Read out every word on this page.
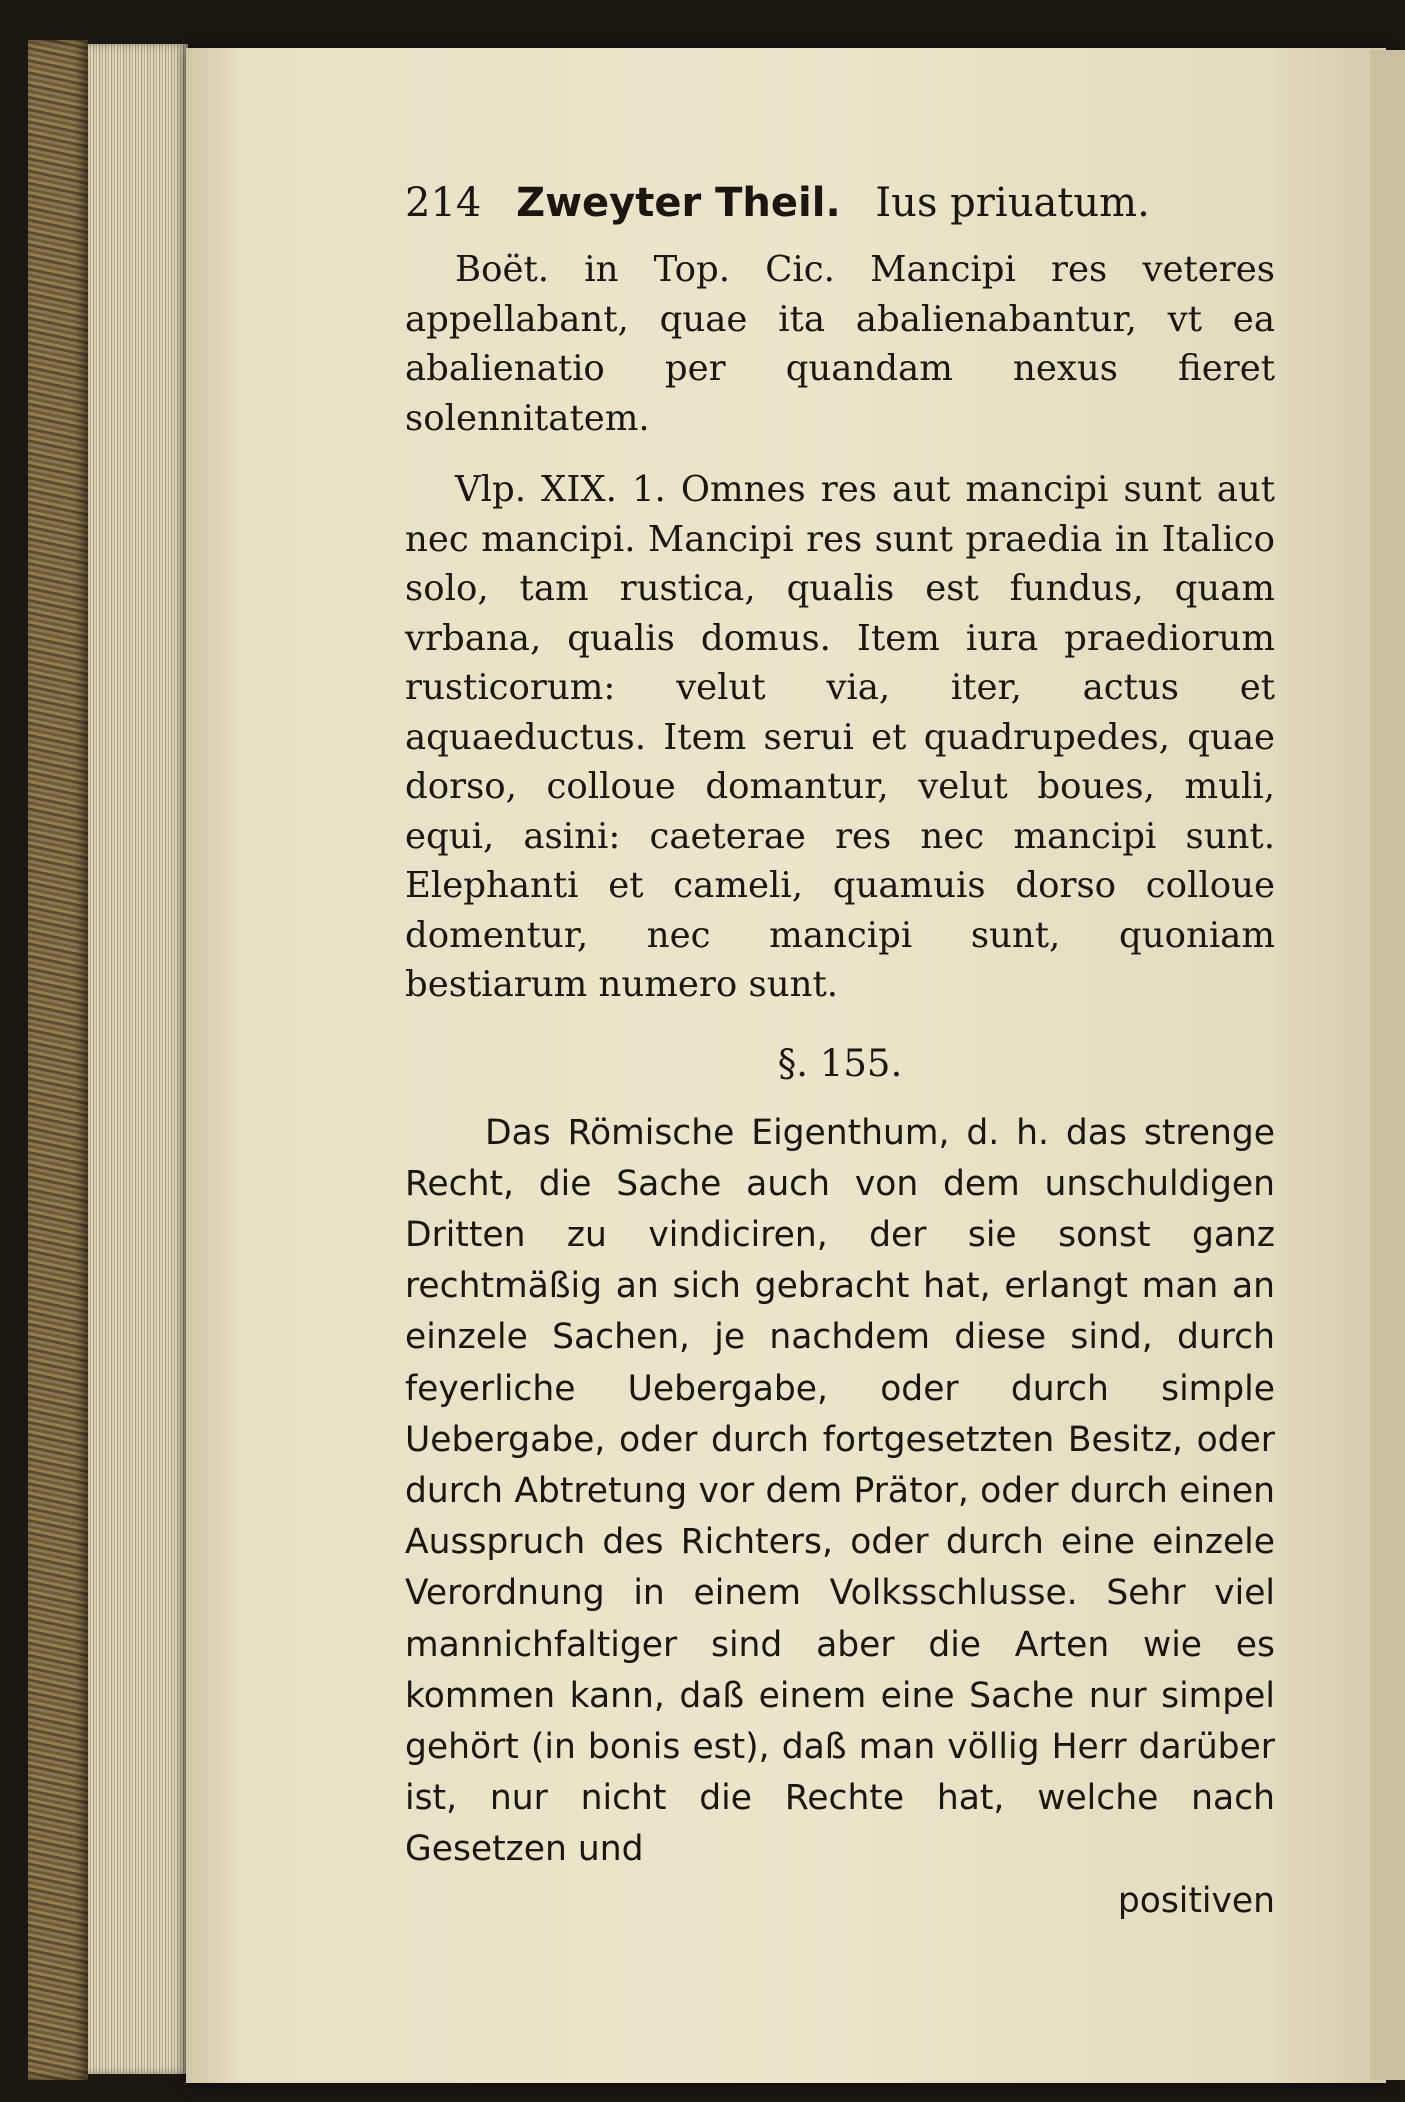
214 Zweyter Theil. Ius priuatum.

Boët. in Top. Cic. Mancipi res veteres appellabant, quae ita abalienabantur, vt ea abalienatio per quandam nexus fieret solennitatem.

Vlp. XIX. 1. Omnes res aut mancipi sunt aut nec mancipi. Mancipi res sunt praedia in Italico solo, tam rustica, qualis est fundus, quam vrbana, qualis domus. Item iura praediorum rusticorum: velut via, iter, actus et aquaeductus. Item serui et quadrupedes, quae dorso, colloue domantur, velut boues, muli, equi, asini: caeterae res nec mancipi sunt. Elephanti et cameli, quamuis dorso colloue domentur, nec mancipi sunt, quoniam bestiarum numero sunt.

§. 155.

Das Römische Eigenthum, d. h. das strenge Recht, die Sache auch von dem unschuldigen Dritten zu vindiciren, der sie sonst ganz rechtmäßig an sich gebracht hat, erlangt man an einzele Sachen, je nachdem diese sind, durch feyerliche Uebergabe, oder durch simple Uebergabe, oder durch fortgesetzten Besitz, oder durch Abtretung vor dem Prätor, oder durch einen Ausspruch des Richters, oder durch eine einzele Verordnung in einem Volksschlusse. Sehr viel mannichfaltiger sind aber die Arten wie es kommen kann, daß einem eine Sache nur simpel gehört (in bonis est), daß man völlig Herr darüber ist, nur nicht die Rechte hat, welche nach Gesetzen und

positiven
